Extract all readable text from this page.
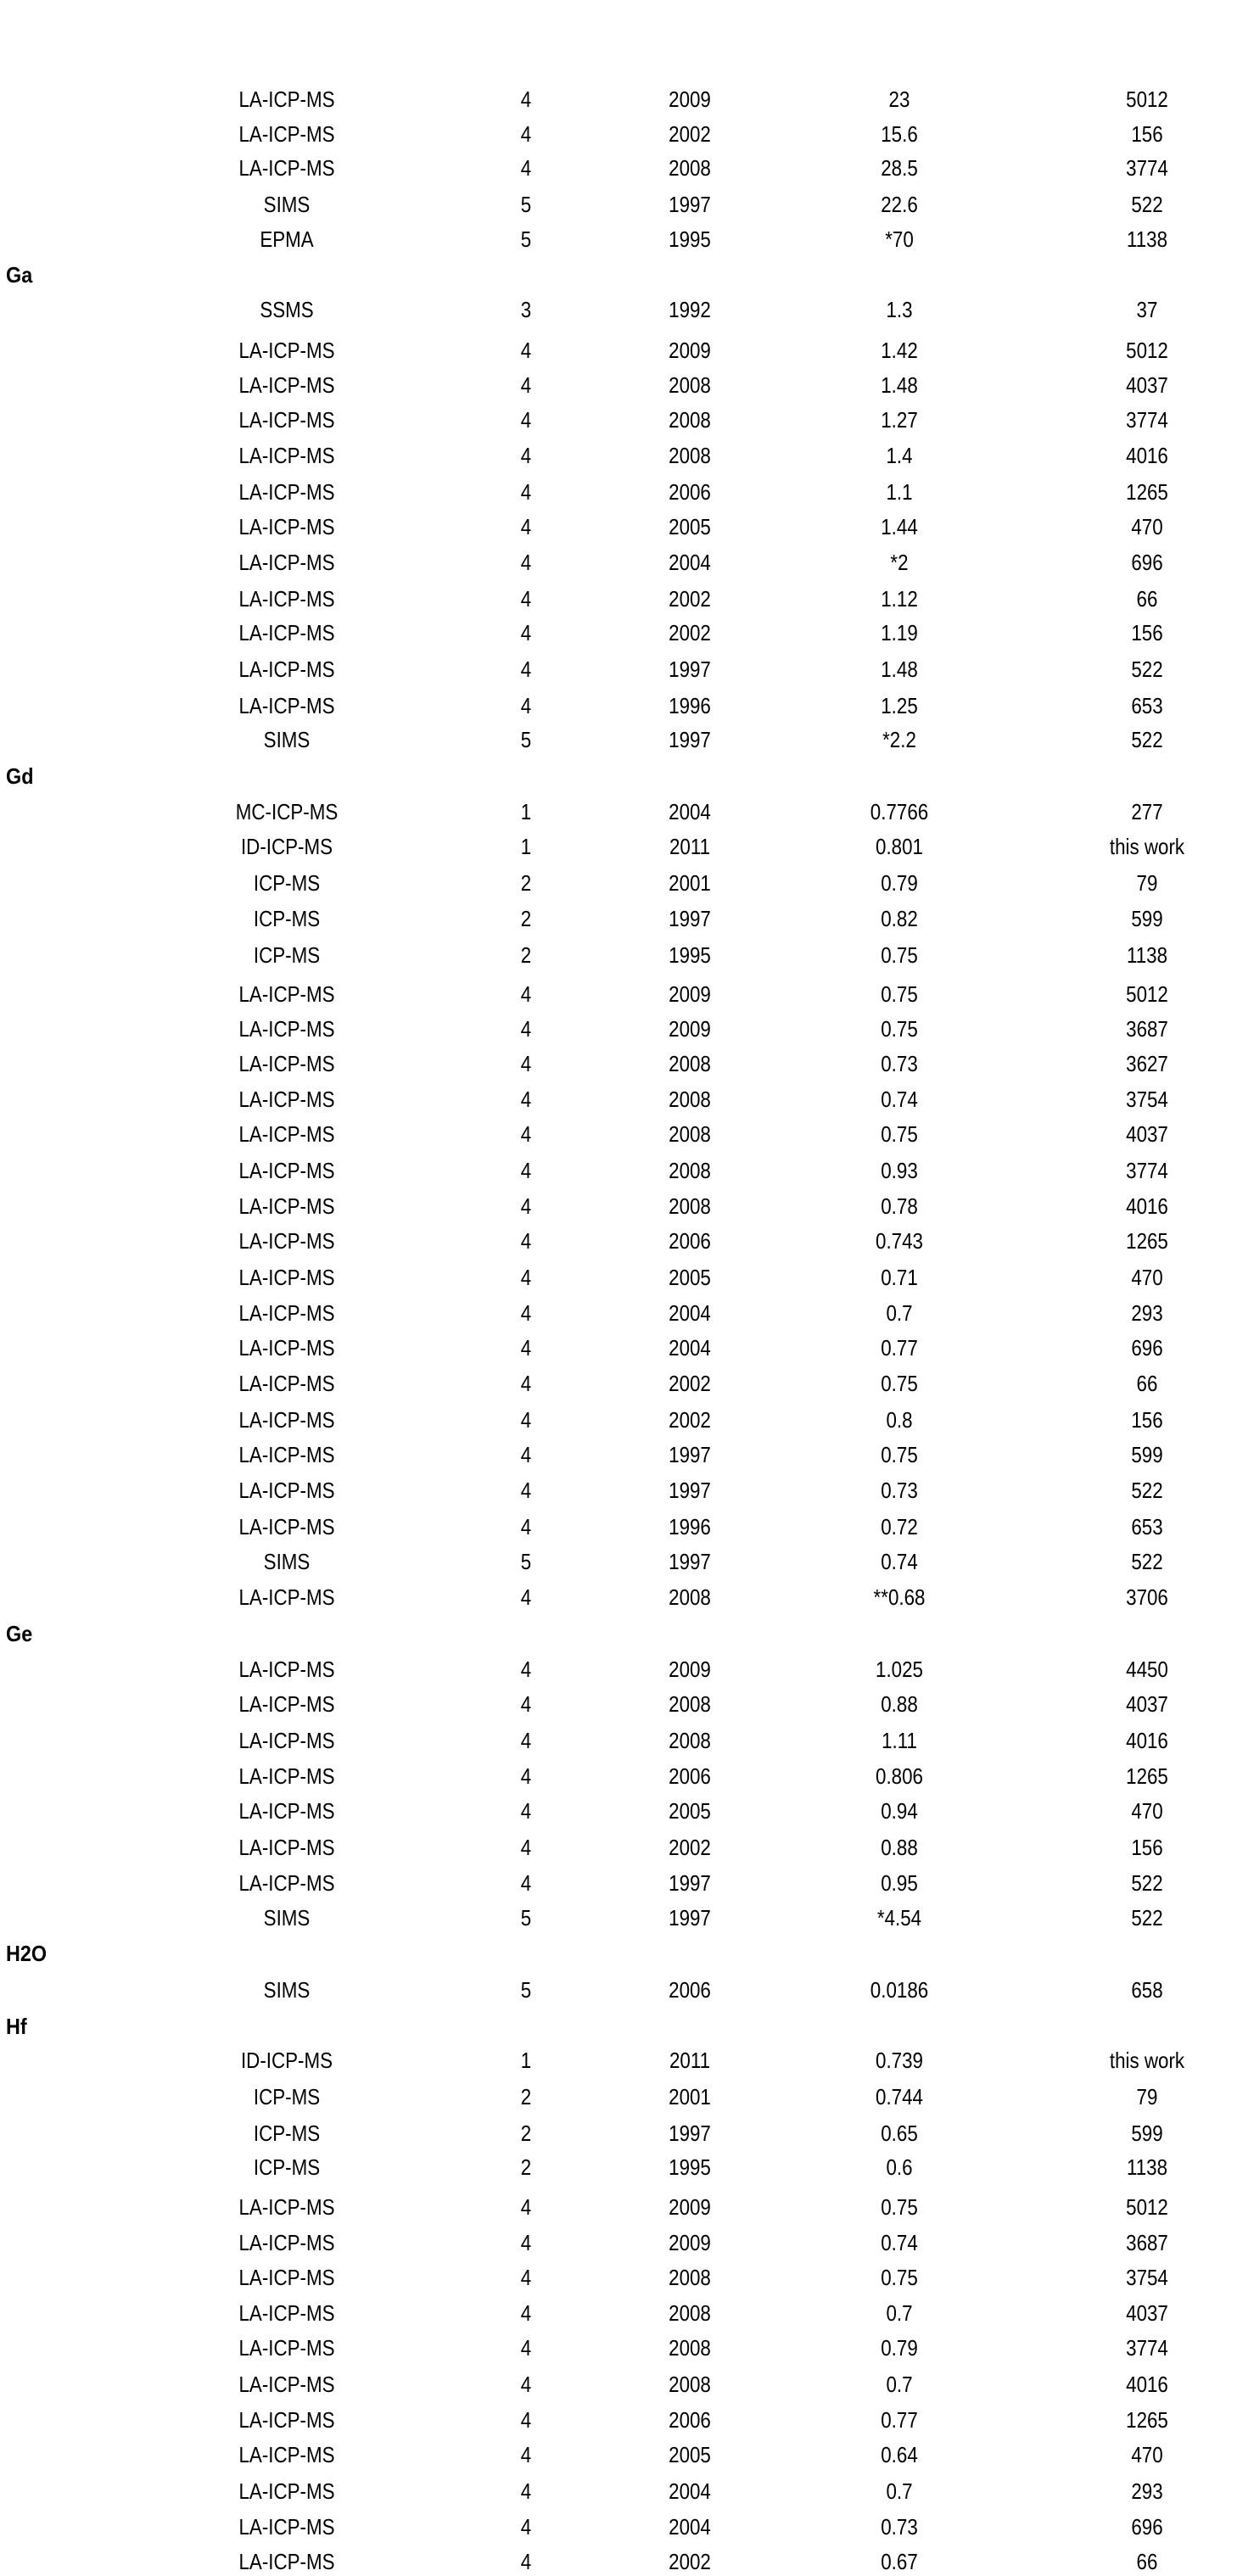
LA-ICP-MS	4	2009	23	5012
LA-ICP-MS	4	2002	15.6	156
LA-ICP-MS	4	2008	28.5	3774
SIMS	5	1997	22.6	522
EPMA	5	1995	*70	1138
Ga
SSMS	3	1992	1.3	37
LA-ICP-MS	4	2009	1.42	5012
LA-ICP-MS	4	2008	1.48	4037
LA-ICP-MS	4	2008	1.27	3774
LA-ICP-MS	4	2008	1.4	4016
LA-ICP-MS	4	2006	1.1	1265
LA-ICP-MS	4	2005	1.44	470
LA-ICP-MS	4	2004	*2	696
LA-ICP-MS	4	2002	1.12	66
LA-ICP-MS	4	2002	1.19	156
LA-ICP-MS	4	1997	1.48	522
LA-ICP-MS	4	1996	1.25	653
SIMS	5	1997	*2.2	522
Gd
MC-ICP-MS	1	2004	0.7766	277
ID-ICP-MS	1	2011	0.801	this work
ICP-MS	2	2001	0.79	79
ICP-MS	2	1997	0.82	599
ICP-MS	2	1995	0.75	1138
LA-ICP-MS	4	2009	0.75	5012
LA-ICP-MS	4	2009	0.75	3687
LA-ICP-MS	4	2008	0.73	3627
LA-ICP-MS	4	2008	0.74	3754
LA-ICP-MS	4	2008	0.75	4037
LA-ICP-MS	4	2008	0.93	3774
LA-ICP-MS	4	2008	0.78	4016
LA-ICP-MS	4	2006	0.743	1265
LA-ICP-MS	4	2005	0.71	470
LA-ICP-MS	4	2004	0.7	293
LA-ICP-MS	4	2004	0.77	696
LA-ICP-MS	4	2002	0.75	66
LA-ICP-MS	4	2002	0.8	156
LA-ICP-MS	4	1997	0.75	599
LA-ICP-MS	4	1997	0.73	522
LA-ICP-MS	4	1996	0.72	653
SIMS	5	1997	0.74	522
LA-ICP-MS	4	2008	**0.68	3706
Ge
LA-ICP-MS	4	2009	1.025	4450
LA-ICP-MS	4	2008	0.88	4037
LA-ICP-MS	4	2008	1.11	4016
LA-ICP-MS	4	2006	0.806	1265
LA-ICP-MS	4	2005	0.94	470
LA-ICP-MS	4	2002	0.88	156
LA-ICP-MS	4	1997	0.95	522
SIMS	5	1997	*4.54	522
H2O
SIMS	5	2006	0.0186	658
Hf
ID-ICP-MS	1	2011	0.739	this work
ICP-MS	2	2001	0.744	79
ICP-MS	2	1997	0.65	599
ICP-MS	2	1995	0.6	1138
LA-ICP-MS	4	2009	0.75	5012
LA-ICP-MS	4	2009	0.74	3687
LA-ICP-MS	4	2008	0.75	3754
LA-ICP-MS	4	2008	0.7	4037
LA-ICP-MS	4	2008	0.79	3774
LA-ICP-MS	4	2008	0.7	4016
LA-ICP-MS	4	2006	0.77	1265
LA-ICP-MS	4	2005	0.64	470
LA-ICP-MS	4	2004	0.7	293
LA-ICP-MS	4	2004	0.73	696
LA-ICP-MS	4	2002	0.67	66
